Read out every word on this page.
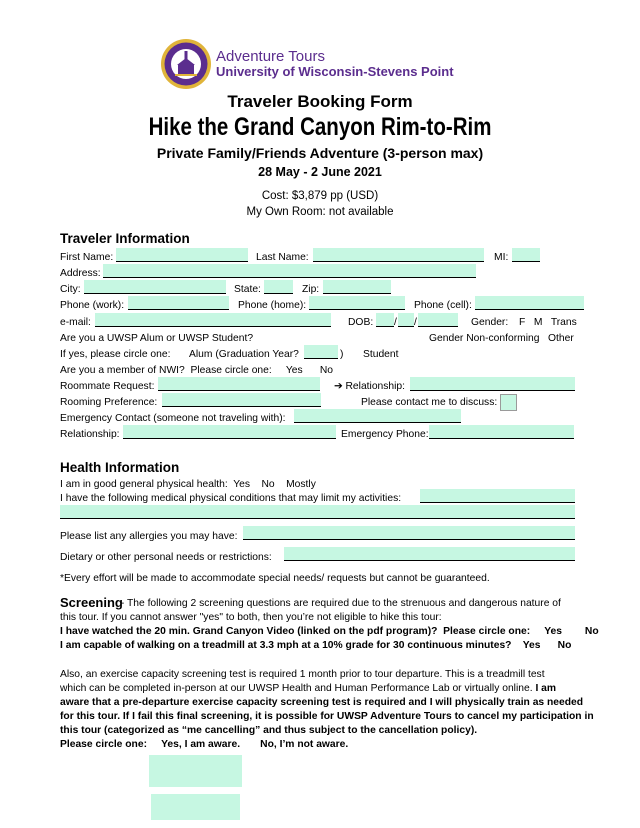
Adventure Tours
University of Wisconsin-Stevens Point
Traveler Booking Form
Hike the Grand Canyon Rim-to-Rim
Private Family/Friends Adventure (3-person max)
28 May - 2 June 2021
Cost: $3,879 pp (USD)
My Own Room: not available
Traveler Information
First Name:	Last Name:	MI:
Address:
City:	State:	Zip:
Phone (work):	Phone (home):	Phone (cell):
e-mail:	DOB: / /	Gender: F   M   Trans
Are you a UWSP Alum or UWSP Student?	Gender Non-conforming   Other
If yes, please circle one: Alum (Graduation Year?	) Student
Are you a member of NWI?  Please circle one:     Yes      No
Roommate Request:	➔ Relationship:
Rooming Preference:	Please contact me to discuss:
Emergency Contact (someone not traveling with):
Relationship:	Emergency Phone:
Health Information
I am in good general physical health:  Yes    No    Mostly
I have the following medical physical conditions that may limit my activities:
Please list any allergies you may have:
Dietary or other personal needs or restrictions:
*Every effort will be made to accommodate special needs/ requests but cannot be guaranteed.
Screening
- The following 2 screening questions are required due to the strenuous and dangerous nature of
this tour. If you cannot answer "yes" to both, then you’re not eligible to hike this tour:
I have watched the 20 min. Grand Canyon Video (linked on the pdf program)?  Please circle one:     Yes        No
I am capable of walking on a treadmill at 3.3 mph at a 10% grade for 30 continuous minutes?    Yes      No
Also, an exercise capacity screening test is required 1 month prior to tour departure. This is a treadmill test
which can be completed in-person at our UWSP Health and Human Performance Lab or virtually online. I am
aware that a pre-departure exercise capacity screening test is required and I will physically train as needed
for this tour. If I fail this final screening, it is possible for UWSP Adventure Tours to cancel my participation in
this tour (categorized as “me cancelling” and thus subject to the cancellation policy).
Please circle one:     Yes, I am aware.       No, I’m not aware.
